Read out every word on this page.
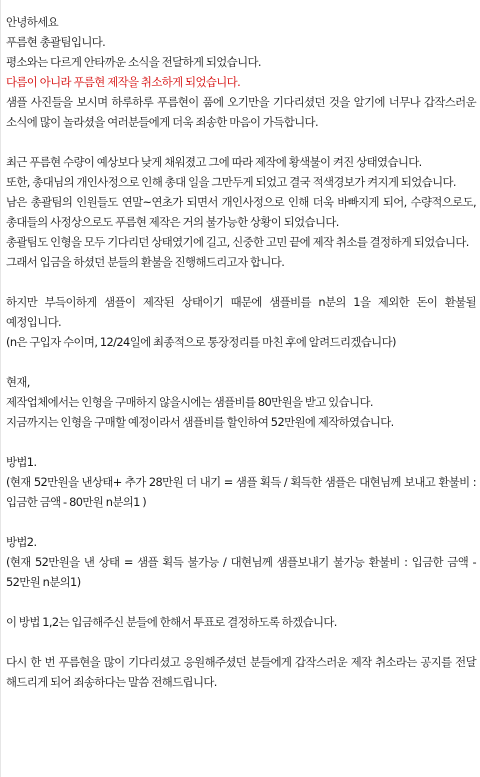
안녕하세요

푸름현 총괄팀입니다.

평소와는 다르게 안타까운 소식을 전달하게 되었습니다.

다름이 아니라 푸름현 제작을 취소하게 되었습니다.

샘플 사진들을 보시며 하루하루 푸름현이 품에 오기만을 기다리셨던 것을 알기에 너무나 갑작스러운 소식에 많이 놀라셨을 여러분들에게 더욱 죄송한 마음이 가득합니다.

최근 푸름현 수량이 예상보다 낮게 채워졌고 그에 따라 제작에 황색불이 켜진 상태였습니다.

또한, 총대님의 개인사정으로 인해 총대 일을 그만두게 되었고 결국 적색경보가 켜지게 되었습니다.

남은 총괄팀의 인원들도 연말~연초가 되면서 개인사정으로 인해 더욱 바빠지게 되어, 수량적으로도, 총대들의 사정상으로도 푸름현 제작은 거의 불가능한 상황이 되었습니다.

총괄팀도 인형을 모두 기다리던 상태였기에 길고, 신중한 고민 끝에 제작 취소를 결정하게 되었습니다.

그래서 입금을 하셨던 분들의 환불을 진행해드리고자 합니다.

하지만 부득이하게 샘플이 제작된 상태이기 때문에 샘플비를 n분의 1을 제외한 돈이 환불될 예정입니다.

(n은 구입자 수이며, 12/24일에 최종적으로 통장정리를 마친 후에 알려드리겠습니다)

현재,

제작업체에서는 인형을 구매하지 않을시에는 샘플비를 80만원을 받고 있습니다.

지금까지는 인형을 구매할 예정이라서 샘플비를 할인하여 52만원에 제작하였습니다.

방법1.

(현재 52만원을 낸상태+ 추가 28만원 더 내기 = 샘플 획득 / 획득한 샘플은 대현님께 보내고 환불비 : 입금한 금액 - 80만원 n분의1 )

방법2.

(현재 52만원을 낸 상태 = 샘플 획득 불가능 / 대현님께 샘플보내기 불가능 환불비 : 입금한 금액 - 52만원 n분의1)

이 방법 1,2는 입금해주신 분들에 한해서 투표로 결정하도록 하겠습니다.

다시 한 번 푸름현을 많이 기다리셨고 응원해주셨던 분들에게 갑작스러운 제작 취소라는 공지를 전달 해드리게 되어 죄송하다는 말씀 전해드립니다.
